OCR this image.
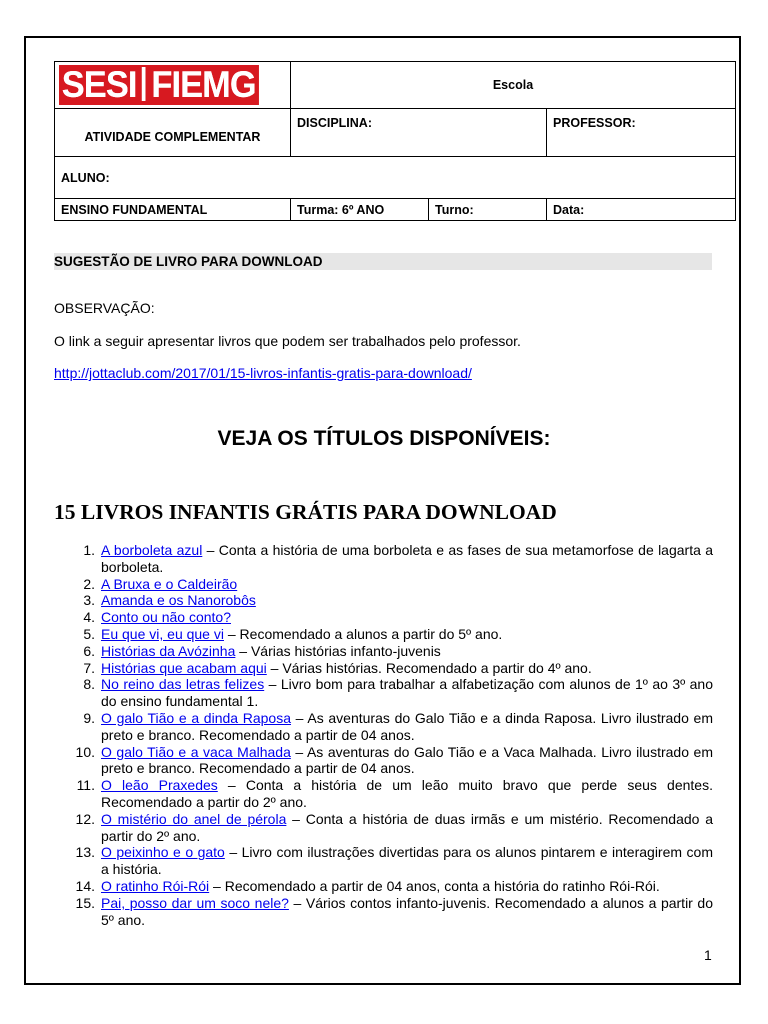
SESI FIEMG	Escola		
ATIVIDADE COMPLEMENTAR	DISCIPLINA:		PROFESSOR:
ALUNO:			
ENSINO FUNDAMENTAL	Turma: 6º ANO	Turno:	Data:
SUGESTÃO DE LIVRO PARA DOWNLOAD
OBSERVAÇÃO:
O link a seguir apresentar livros que podem ser trabalhados pelo professor.
http://jottaclub.com/2017/01/15-livros-infantis-gratis-para-download/
VEJA OS TÍTULOS DISPONÍVEIS:
15 LIVROS INFANTIS GRÁTIS PARA DOWNLOAD
1. A borboleta azul – Conta a história de uma borboleta e as fases de sua metamorfose de lagarta a borboleta.
2. A Bruxa e o Caldeirão
3. Amanda e os Nanorobôs
4. Conto ou não conto?
5. Eu que vi, eu que vi – Recomendado a alunos a partir do 5º ano.
6. Histórias da Avózinha – Várias histórias infanto-juvenis
7. Histórias que acabam aqui – Várias histórias. Recomendado a partir do 4º ano.
8. No reino das letras felizes – Livro bom para trabalhar a alfabetização com alunos de 1º ao 3º ano do ensino fundamental 1.
9. O galo Tião e a dinda Raposa – As aventuras do Galo Tião e a dinda Raposa. Livro ilustrado em preto e branco. Recomendado a partir de 04 anos.
10. O galo Tião e a vaca Malhada – As aventuras do Galo Tião e a Vaca Malhada. Livro ilustrado em preto e branco. Recomendado a partir de 04 anos.
11. O leão Praxedes – Conta a história de um leão muito bravo que perde seus dentes. Recomendado a partir do 2º ano.
12. O mistério do anel de pérola – Conta a história de duas irmãs e um mistério. Recomendado a partir do 2º ano.
13. O peixinho e o gato – Livro com ilustrações divertidas para os alunos pintarem e interagirem com a história.
14. O ratinho Rói-Rói – Recomendado a partir de 04 anos, conta a história do ratinho Rói-Rói.
15. Pai, posso dar um soco nele? – Vários contos infanto-juvenis. Recomendado a alunos a partir do 5º ano.
1
